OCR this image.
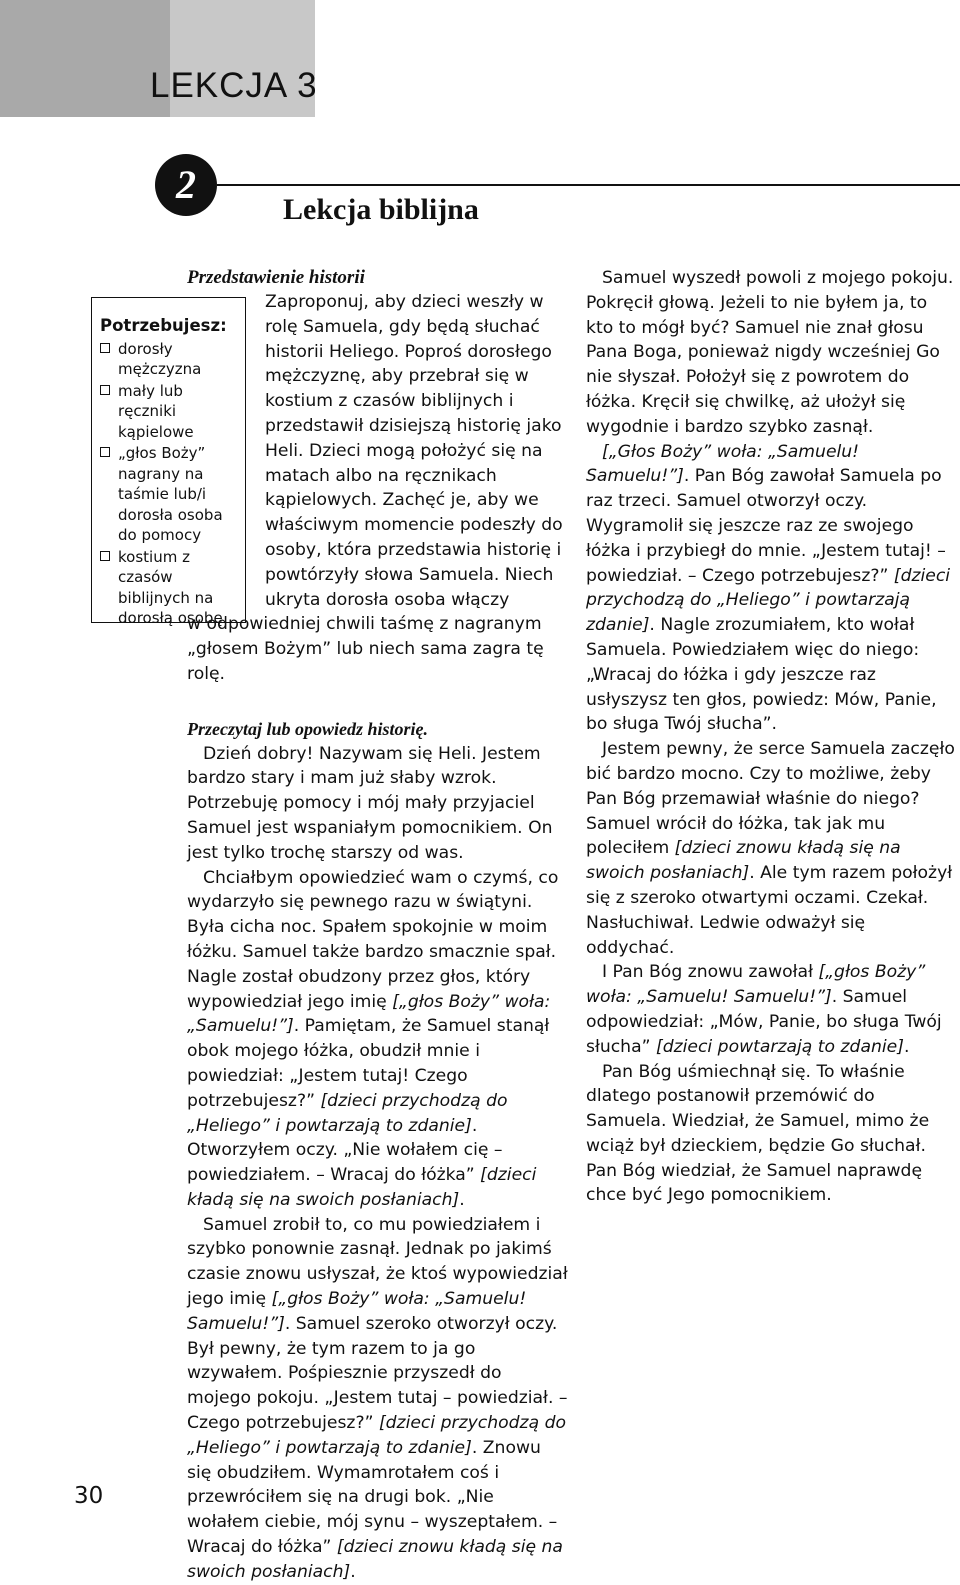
LEKCJA 3
2
Lekcja biblijna
Potrzebujesz:
dorosły mężczyzna
mały lub ręczniki kąpielowe
„głos Boży” nagrany na taśmie lub/i dorosła osoba do pomocy
kostium z czasów biblijnych na dorosłą osobę

Przedstawienie historii

Zaproponuj, aby dzieci weszły w rolę Samuela, gdy będą słuchać historii Heliego. Poproś dorosłego mężczyznę, aby przebrał się w kostium z czasów biblijnych i przedstawił dzisiejszą historię jako Heli. Dzieci mogą położyć się na matach albo na ręcznikach kąpielowych. Zachęć je, aby we właściwym momencie podeszły do osoby, która przedstawia historię i powtórzyły słowa Samuela. Niech ukryta dorosła osoba włączy

w odpowiedniej chwili taśmę z nagranym „głosem Bożym” lub niech sama zagra tę rolę.

Przeczytaj lub opowiedz historię.

Dzień dobry! Nazywam się Heli. Jestem bardzo stary i mam już słaby wzrok. Potrzebuję pomocy i mój mały przyjaciel Samuel jest wspaniałym pomocnikiem. On jest tylko trochę starszy od was.

Chciałbym opowiedzieć wam o czymś, co wydarzyło się pewnego razu w świątyni. Była cicha noc. Spałem spokojnie w moim łóżku. Samuel także bardzo smacznie spał. Nagle został obudzony przez głos, który wypowiedział jego imię [„głos Boży” woła: „Samuelu!”]. Pamiętam, że Samuel stanął obok mojego łóżka, obudził mnie i powiedział: „Jestem tutaj! Czego potrzebujesz?” [dzieci przychodzą do „Heliego” i powtarzają to zdanie]. Otworzyłem oczy. „Nie wołałem cię – powiedziałem. – Wracaj do łóżka” [dzieci kładą się na swoich posłaniach].

Samuel zrobił to, co mu powiedziałem i szybko ponownie zasnął. Jednak po jakimś czasie znowu usłyszał, że ktoś wypowiedział jego imię [„głos Boży” woła: „Samuelu! Samuelu!”]. Samuel szeroko otworzył oczy. Był pewny, że tym razem to ja go wzywałem. Pośpiesznie przyszedł do mojego pokoju. „Jestem tutaj – powiedział. – Czego potrzebujesz?” [dzieci przychodzą do „Heliego” i powtarzają to zdanie]. Znowu się obudziłem. Wymamrotałem coś i przewróciłem się na drugi bok. „Nie wołałem ciebie, mój synu – wyszeptałem. – Wracaj do łóżka” [dzieci znowu kładą się na swoich posłaniach].

Samuel wyszedł powoli z mojego pokoju. Pokręcił głową. Jeżeli to nie byłem ja, to kto to mógł być? Samuel nie znał głosu Pana Boga, ponieważ nigdy wcześniej Go nie słyszał. Położył się z powrotem do łóżka. Kręcił się chwilkę, aż ułożył się wygodnie i bardzo szybko zasnął.

[„Głos Boży” woła: „Samuelu! Samuelu!”]. Pan Bóg zawołał Samuela po raz trzeci. Samuel otworzył oczy. Wygramolił się jeszcze raz ze swojego łóżka i przybiegł do mnie. „Jestem tutaj! – powiedział. – Czego potrzebujesz?” [dzieci przychodzą do „Heliego” i powtarzają zdanie]. Nagle zrozumiałem, kto wołał Samuela. Powiedziałem więc do niego: „Wracaj do łóżka i gdy jeszcze raz usłyszysz ten głos, powiedz: Mów, Panie, bo sługa Twój słucha”.

Jestem pewny, że serce Samuela zaczęło bić bardzo mocno. Czy to możliwe, żeby Pan Bóg przemawiał właśnie do niego? Samuel wrócił do łóżka, tak jak mu poleciłem [dzieci znowu kładą się na swoich posłaniach]. Ale tym razem położył się z szeroko otwartymi oczami. Czekał. Nasłuchiwał. Ledwie odważył się oddychać.

I Pan Bóg znowu zawołał [„głos Boży” woła: „Samuelu! Samuelu!”]. Samuel odpowiedział: „Mów, Panie, bo sługa Twój słucha” [dzieci powtarzają to zdanie].

Pan Bóg uśmiechnął się. To właśnie dlatego postanowił przemówić do Samuela. Wiedział, że Samuel, mimo że wciąż był dzieckiem, będzie Go słuchał. Pan Bóg wiedział, że Samuel naprawdę chce być Jego pomocnikiem.

30
